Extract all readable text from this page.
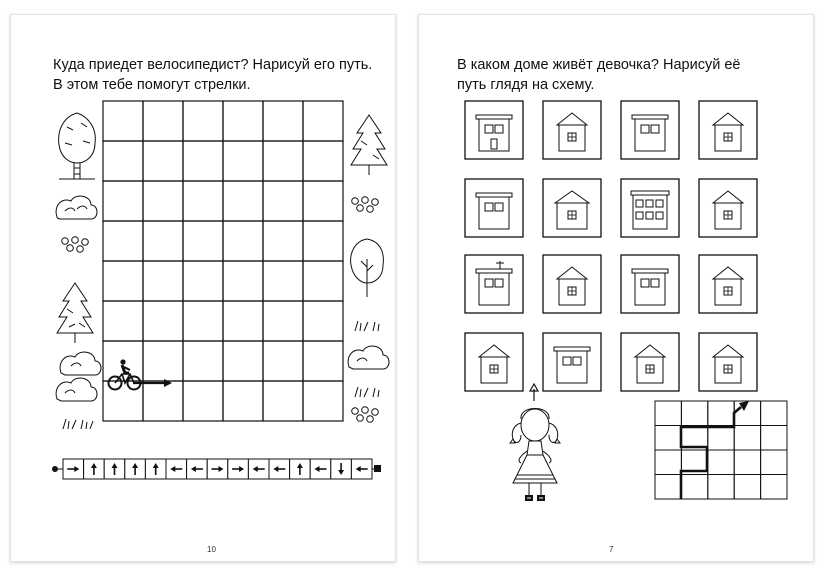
Куда приедет велосипедист? Нарисуй его путь.
В этом тебе помогут стрелки.
10
В каком доме живёт девочка? Нарисуй её
путь глядя на схему.
7
